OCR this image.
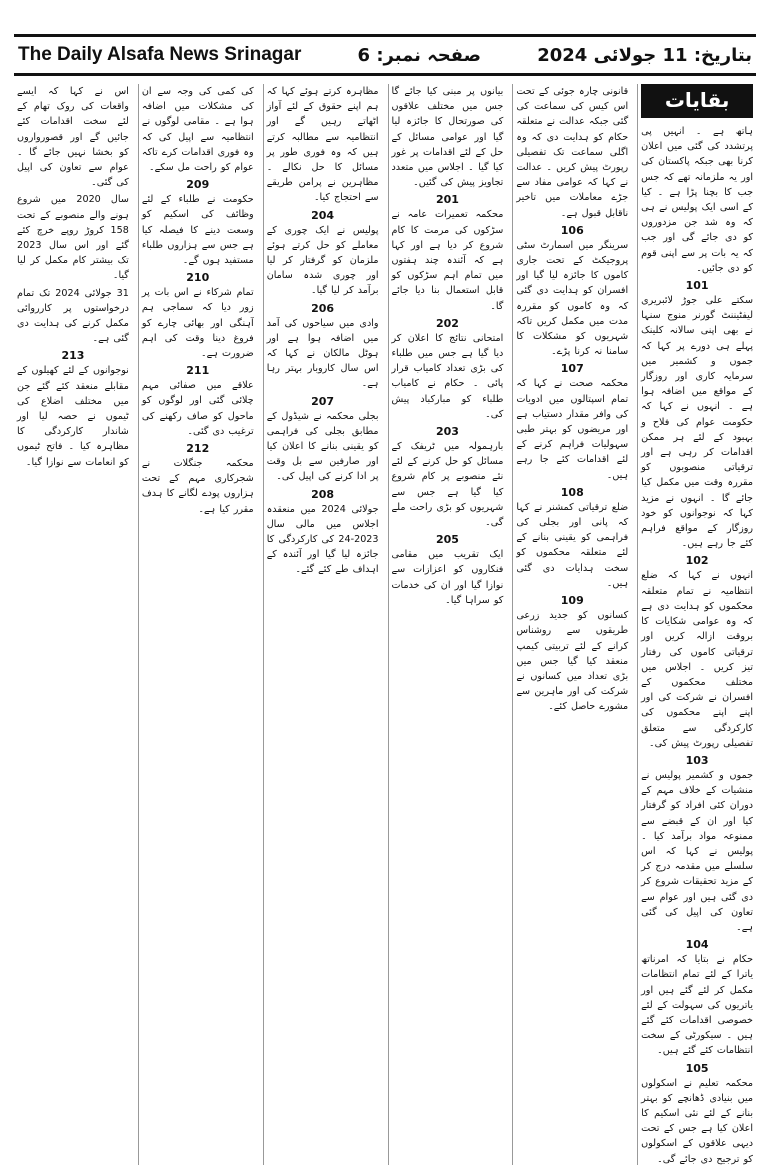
The Daily Alsafa News Srinagar	صفحہ نمبر: 6	بتاریخ: 11 جولائی 2024
بقایات
ہاتھ ہے ۔ انہیں پی پرتشدد کی گئی میں اعلان کرنا بھی جبکہ پاکستان کی اور یہ ملزمانہ تھے کہ جس جب کا بچنا پڑا ہے ۔ کیا کے اسی ایک پولیس نے ہی کہ وہ شد جن مزدوروں کو دی جائے گی اور جب کہ یہ بات پر سے اپنی قوم کو دی جائیں۔
101
سکتے علی جوڑ لائبریری لیفٹیننٹ گورنر منوج سنہا نے بھی اپنی سالانہ کلینک پہلے ہی دورے پر کہا کہ جموں و کشمیر میں سرمایہ کاری اور روزگار کے مواقع میں اضافہ ہوا ہے ۔ انہوں نے کہا کہ حکومت عوام کی فلاح و بہبود کے لئے ہر ممکن اقدامات کر رہی ہے اور ترقیاتی منصوبوں کو مقررہ وقت میں مکمل کیا جائے گا ۔ انہوں نے مزید کہا کہ نوجوانوں کو خود روزگار کے مواقع فراہم کئے جا رہے ہیں۔
102
انہوں نے کہا کہ ضلع انتظامیہ نے تمام متعلقہ محکموں کو ہدایت دی ہے کہ وہ عوامی شکایات کا بروقت ازالہ کریں اور ترقیاتی کاموں کی رفتار تیز کریں ۔ اجلاس میں مختلف محکموں کے افسران نے شرکت کی اور اپنے اپنے محکموں کی کارکردگی سے متعلق تفصیلی رپورٹ پیش کی۔
103
جموں و کشمیر پولیس نے منشیات کے خلاف مہم کے دوران کئی افراد کو گرفتار کیا اور ان کے قبضے سے ممنوعہ مواد برآمد کیا ۔ پولیس نے کہا کہ اس سلسلے میں مقدمہ درج کر کے مزید تحقیقات شروع کر دی گئی ہیں اور عوام سے تعاون کی اپیل کی گئی ہے۔
104
حکام نے بتایا کہ امرناتھ یاترا کے لئے تمام انتظامات مکمل کر لئے گئے ہیں اور یاتریوں کی سہولت کے لئے خصوصی اقدامات کئے گئے ہیں ۔ سیکورٹی کے سخت انتظامات کئے گئے ہیں۔
105
محکمہ تعلیم نے اسکولوں میں بنیادی ڈھانچے کو بہتر بنانے کے لئے نئی اسکیم کا اعلان کیا ہے جس کے تحت دیہی علاقوں کے اسکولوں کو ترجیح دی جائے گی۔
قانونی چارہ جوئی کے تحت اس کیس کی سماعت کی گئی جبکہ عدالت نے متعلقہ حکام کو ہدایت دی کہ وہ اگلی سماعت تک تفصیلی رپورٹ پیش کریں ۔ عدالت نے کہا کہ عوامی مفاد سے جڑے معاملات میں تاخیر ناقابل قبول ہے۔
106
سرینگر میں اسمارٹ سٹی پروجیکٹ کے تحت جاری کاموں کا جائزہ لیا گیا اور افسران کو ہدایت دی گئی کہ وہ کاموں کو مقررہ مدت میں مکمل کریں تاکہ شہریوں کو مشکلات کا سامنا نہ کرنا پڑے۔
107
محکمہ صحت نے کہا کہ تمام اسپتالوں میں ادویات کی وافر مقدار دستیاب ہے اور مریضوں کو بہتر طبی سہولیات فراہم کرنے کے لئے اقدامات کئے جا رہے ہیں۔
108
ضلع ترقیاتی کمشنر نے کہا کہ پانی اور بجلی کی فراہمی کو یقینی بنانے کے لئے متعلقہ محکموں کو سخت ہدایات دی گئی ہیں۔
109
کسانوں کو جدید زرعی طریقوں سے روشناس کرانے کے لئے تربیتی کیمپ منعقد کیا گیا جس میں بڑی تعداد میں کسانوں نے شرکت کی اور ماہرین سے مشورے حاصل کئے۔
بیانوں پر مبنی کیا جائے گا جس میں مختلف علاقوں کی صورتحال کا جائزہ لیا گیا اور عوامی مسائل کے حل کے لئے اقدامات پر غور کیا گیا ۔ اجلاس میں متعدد تجاویز پیش کی گئیں۔
201
محکمہ تعمیرات عامہ نے سڑکوں کی مرمت کا کام شروع کر دیا ہے اور کہا ہے کہ آئندہ چند ہفتوں میں تمام اہم سڑکوں کو قابل استعمال بنا دیا جائے گا۔
202
امتحانی نتائج کا اعلان کر دیا گیا ہے جس میں طلباء کی بڑی تعداد کامیاب قرار پائی ۔ حکام نے کامیاب طلباء کو مبارکباد پیش کی۔
203
بارہمولہ میں ٹریفک کے مسائل کو حل کرنے کے لئے نئے منصوبے پر کام شروع کیا گیا ہے جس سے شہریوں کو بڑی راحت ملے گی۔
205
ایک تقریب میں مقامی فنکاروں کو اعزازات سے نوازا گیا اور ان کی خدمات کو سراہا گیا۔
مظاہرہ کرتے ہوئے کہا کہ ہم اپنے حقوق کے لئے آواز اٹھاتے رہیں گے اور انتظامیہ سے مطالبہ کرتے ہیں کہ وہ فوری طور پر مسائل کا حل نکالے ۔ مظاہرین نے پرامن طریقے سے احتجاج کیا۔
204
پولیس نے ایک چوری کے معاملے کو حل کرتے ہوئے ملزمان کو گرفتار کر لیا اور چوری شدہ سامان برآمد کر لیا گیا۔
206
وادی میں سیاحوں کی آمد میں اضافہ ہوا ہے اور ہوٹل مالکان نے کہا کہ اس سال کاروبار بہتر رہا ہے۔
207
بجلی محکمہ نے شیڈول کے مطابق بجلی کی فراہمی کو یقینی بنانے کا اعلان کیا اور صارفین سے بل وقت پر ادا کرنے کی اپیل کی۔
208
جولائی 2024 میں منعقدہ اجلاس میں مالی سال 2023-24 کی کارکردگی کا جائزہ لیا گیا اور آئندہ کے اہداف طے کئے گئے۔
کی کمی کی وجہ سے ان کی مشکلات میں اضافہ ہوا ہے ۔ مقامی لوگوں نے انتظامیہ سے اپیل کی کہ وہ فوری اقدامات کرے تاکہ عوام کو راحت مل سکے۔
209
حکومت نے طلباء کے لئے وظائف کی اسکیم کو وسعت دینے کا فیصلہ کیا ہے جس سے ہزاروں طلباء مستفید ہوں گے۔
210
تمام شرکاء نے اس بات پر زور دیا کہ سماجی ہم آہنگی اور بھائی چارے کو فروغ دینا وقت کی اہم ضرورت ہے۔
211
علاقے میں صفائی مہم چلائی گئی اور لوگوں کو ماحول کو صاف رکھنے کی ترغیب دی گئی۔
212
محکمہ جنگلات نے شجرکاری مہم کے تحت ہزاروں پودے لگانے کا ہدف مقرر کیا ہے۔
اس نے کہا کہ ایسے واقعات کی روک تھام کے لئے سخت اقدامات کئے جائیں گے اور قصورواروں کو بخشا نہیں جائے گا ۔ عوام سے تعاون کی اپیل کی گئی۔
سال 2020 میں شروع ہونے والے منصوبے کے تحت 158 کروڑ روپے خرچ کئے گئے اور اس سال 2023 تک بیشتر کام مکمل کر لیا گیا۔
31 جولائی 2024 تک تمام درخواستوں پر کارروائی مکمل کرنے کی ہدایت دی گئی ہے۔
213
نوجوانوں کے لئے کھیلوں کے مقابلے منعقد کئے گئے جن میں مختلف اضلاع کی ٹیموں نے حصہ لیا اور شاندار کارکردگی کا مظاہرہ کیا ۔ فاتح ٹیموں کو انعامات سے نوازا گیا۔
